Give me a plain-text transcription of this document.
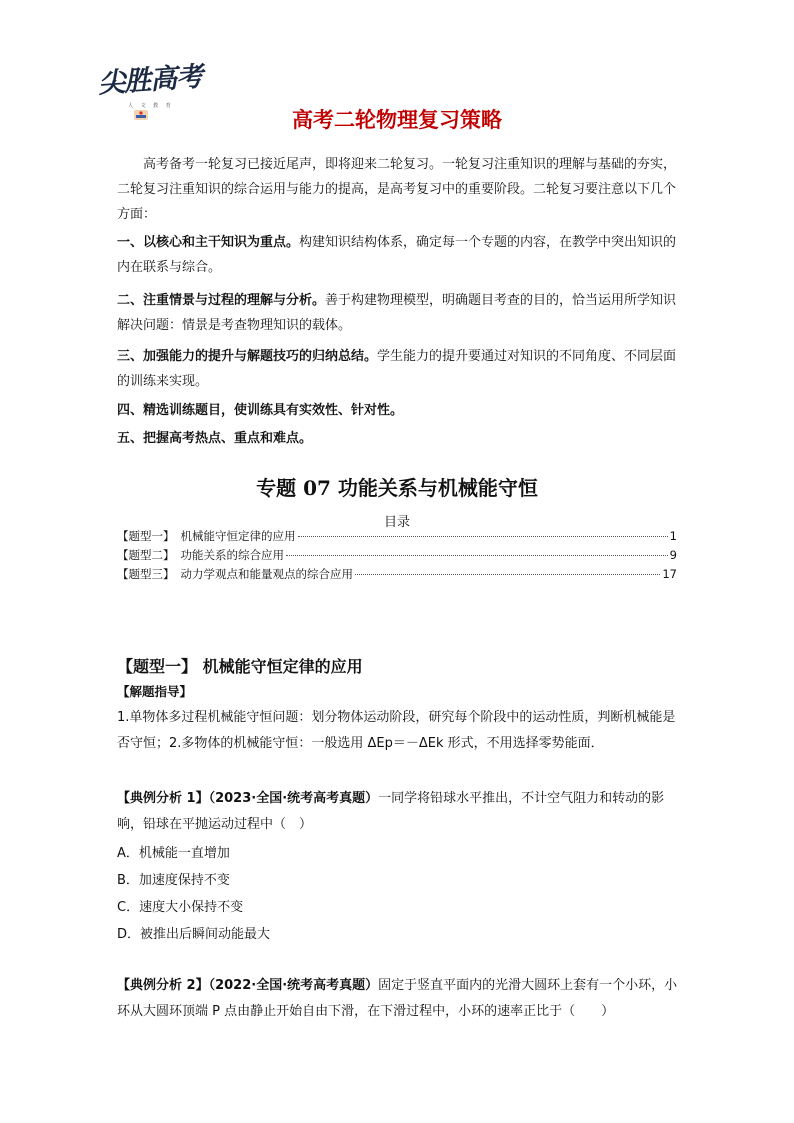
尖胜高考
人 文 教 育
高考二轮物理复习策略
高考备考一轮复习已接近尾声，即将迎来二轮复习。一轮复习注重知识的理解与基础的夯实，二轮复习注重知识的综合运用与能力的提高，是高考复习中的重要阶段。二轮复习要注意以下几个方面：
一、以核心和主干知识为重点。构建知识结构体系，确定每一个专题的内容，在教学中突出知识的内在联系与综合。
二、注重情景与过程的理解与分析。善于构建物理模型，明确题目考查的目的，恰当运用所学知识解决问题：情景是考查物理知识的载体。
三、加强能力的提升与解题技巧的归纳总结。学生能力的提升要通过对知识的不同角度、不同层面的训练来实现。
四、精选训练题目，使训练具有实效性、针对性。
五、把握高考热点、重点和难点。
专题 07 功能关系与机械能守恒
目录
【题型一】 机械能守恒定律的应用	1
【题型二】 功能关系的综合应用	9
【题型三】 动力学观点和能量观点的综合应用	17
【题型一】 机械能守恒定律的应用
【解题指导】
1.单物体多过程机械能守恒问题：划分物体运动阶段，研究每个阶段中的运动性质，判断机械能是否守恒；2.多物体的机械能守恒：一般选用 ΔEp＝－ΔEk 形式，不用选择零势能面．
【典例分析 1】（2023·全国·统考高考真题）一同学将铅球水平推出，不计空气阻力和转动的影响，铅球在平抛运动过程中（　）
A．机械能一直增加
B．加速度保持不变
C．速度大小保持不变
D．被推出后瞬间动能最大
【典例分析 2】（2022·全国·统考高考真题）固定于竖直平面内的光滑大圆环上套有一个小环，小环从大圆环顶端 P 点由静止开始自由下滑，在下滑过程中，小环的速率正比于（　　）
